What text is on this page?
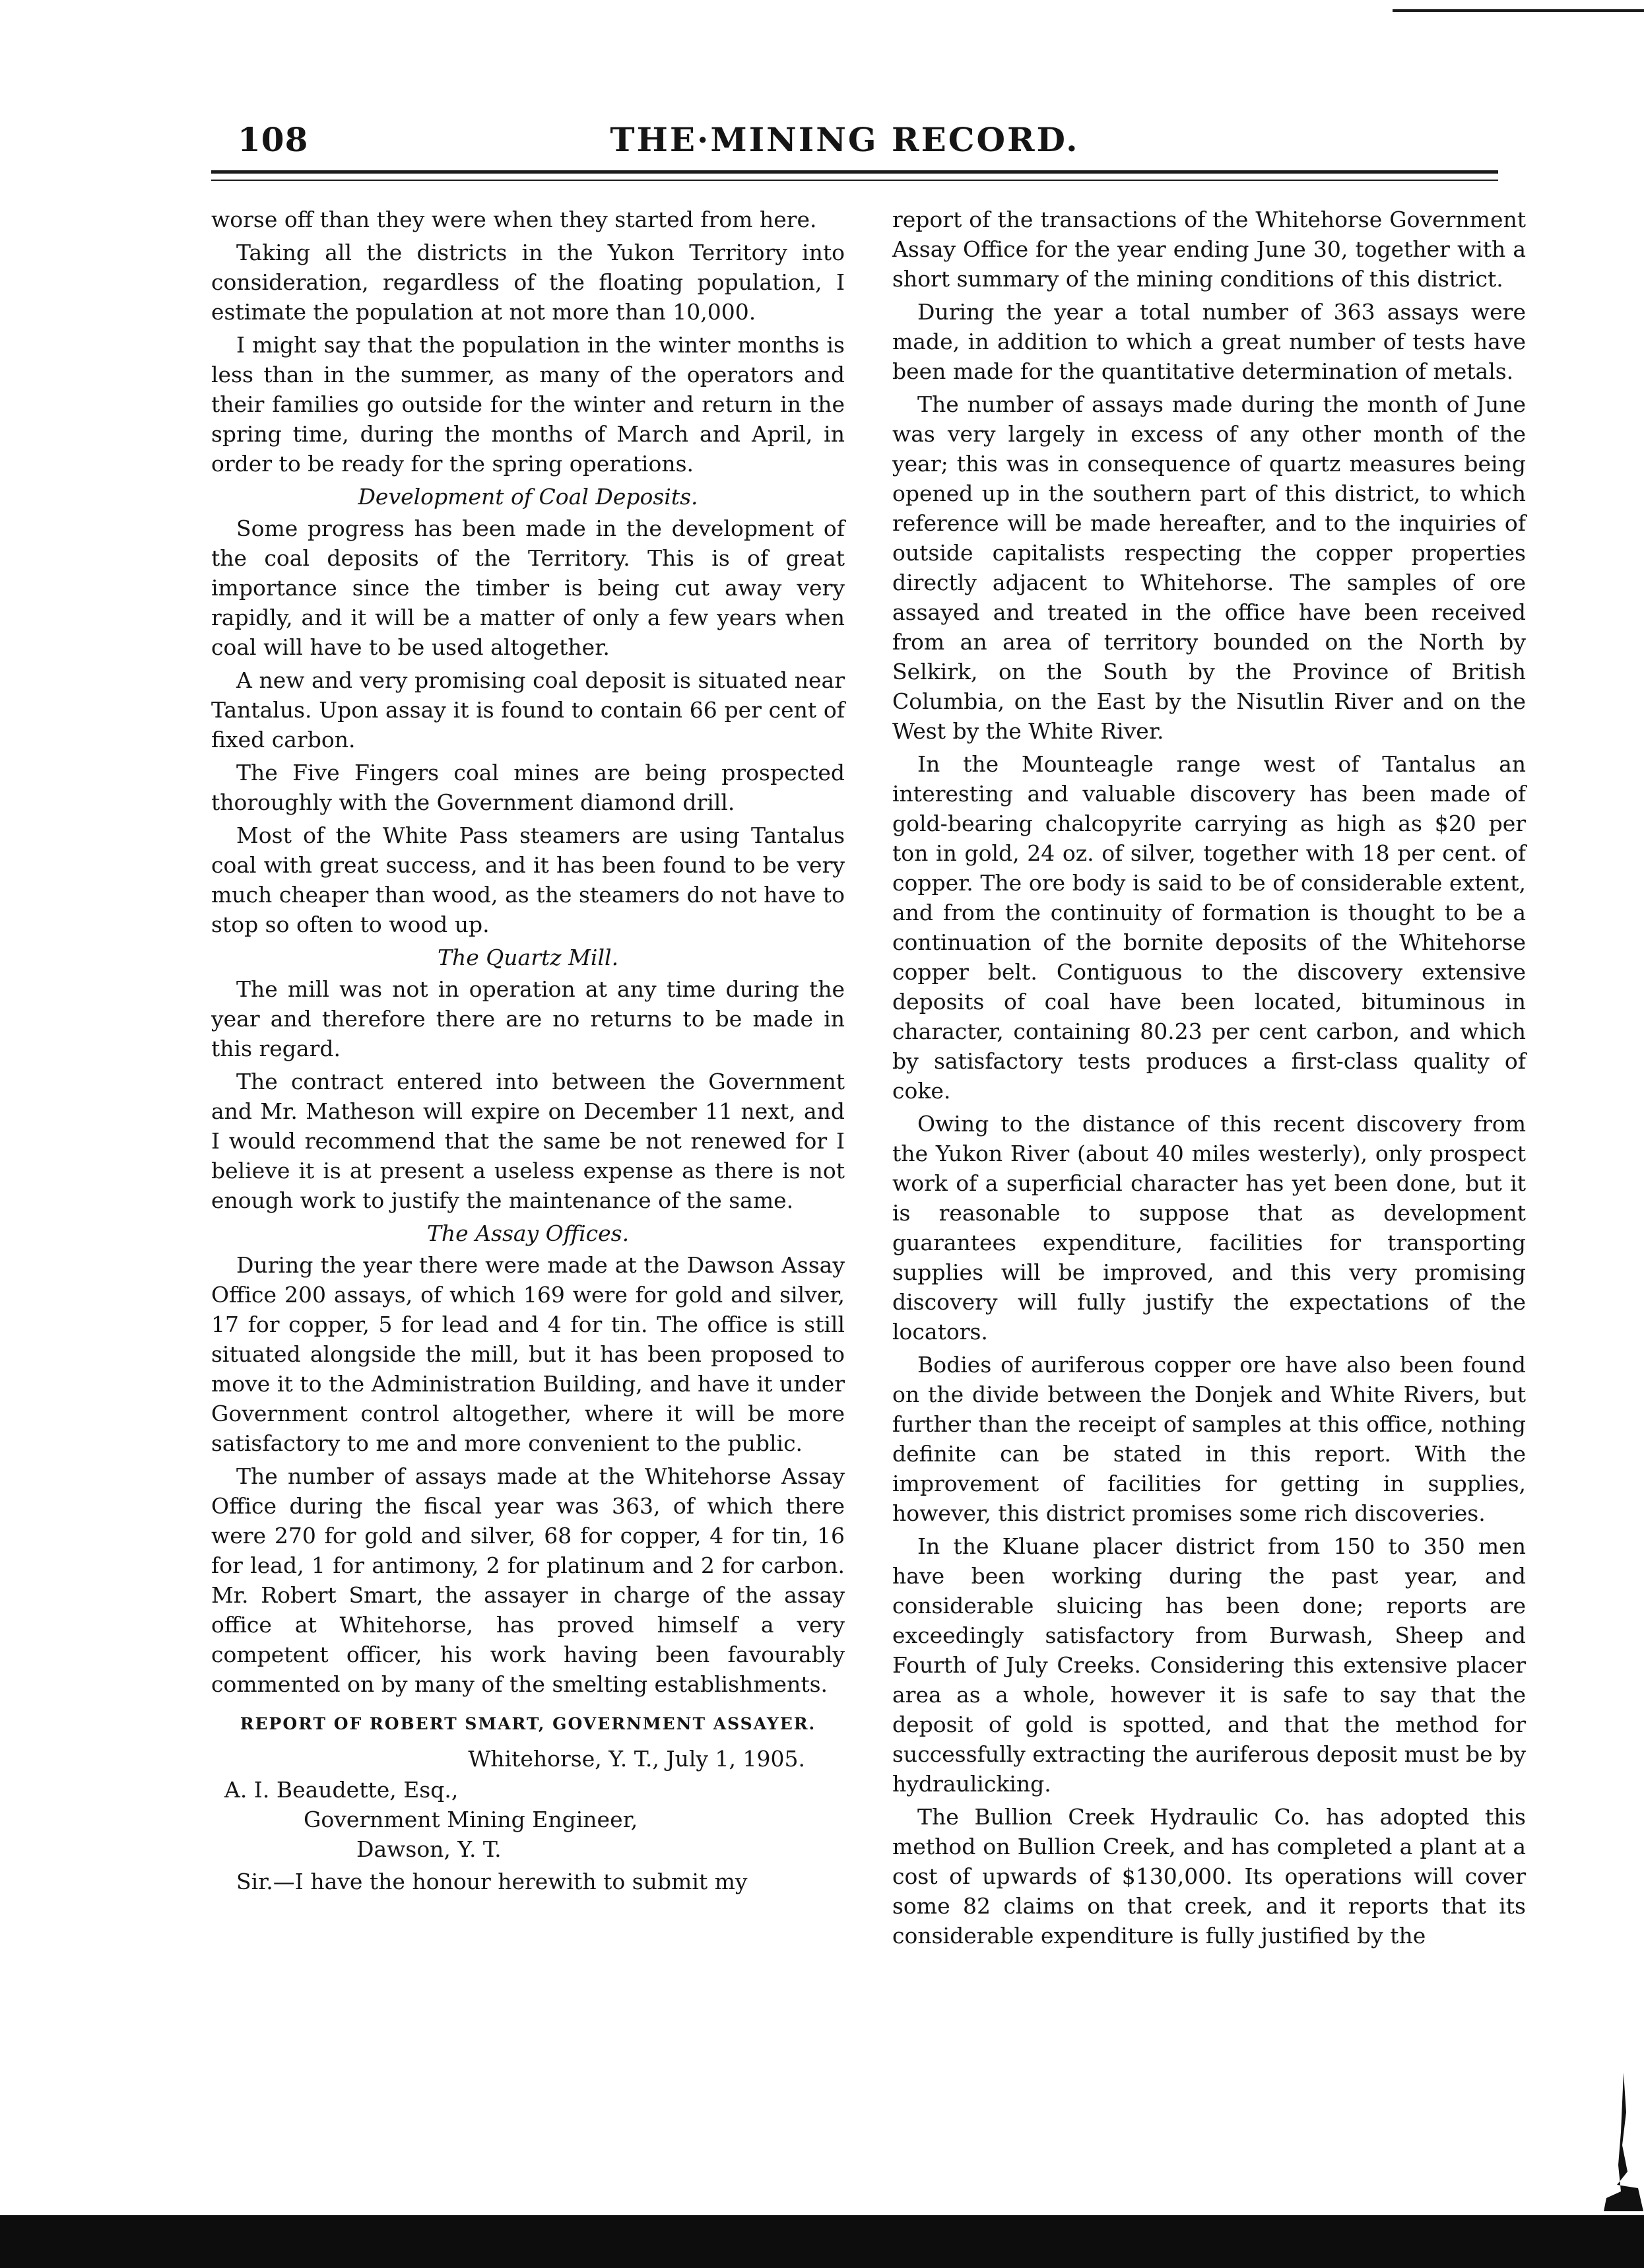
108	THE·MINING RECORD.

worse off than they were when they started from here.

Taking all the districts in the Yukon Territory into consideration, regardless of the floating population, I estimate the population at not more than 10,000.

I might say that the population in the winter months is less than in the summer, as many of the operators and their families go outside for the winter and return in the spring time, during the months of March and April, in order to be ready for the spring operations.

Development of Coal Deposits.

Some progress has been made in the development of the coal deposits of the Territory. This is of great importance since the timber is being cut away very rapidly, and it will be a matter of only a few years when coal will have to be used altogether.

A new and very promising coal deposit is situated near Tantalus. Upon assay it is found to contain 66 per cent of fixed carbon.

The Five Fingers coal mines are being prospected thoroughly with the Government diamond drill.

Most of the White Pass steamers are using Tantalus coal with great success, and it has been found to be very much cheaper than wood, as the steamers do not have to stop so often to wood up.

The Quartz Mill.

The mill was not in operation at any time during the year and therefore there are no returns to be made in this regard.

The contract entered into between the Government and Mr. Matheson will expire on December 11 next, and I would recommend that the same be not renewed for I believe it is at present a useless expense as there is not enough work to justify the maintenance of the same.

The Assay Offices.

During the year there were made at the Dawson Assay Office 200 assays, of which 169 were for gold and silver, 17 for copper, 5 for lead and 4 for tin. The office is still situated alongside the mill, but it has been proposed to move it to the Administration Building, and have it under Government control altogether, where it will be more satisfactory to me and more convenient to the public.

The number of assays made at the Whitehorse Assay Office during the fiscal year was 363, of which there were 270 for gold and silver, 68 for copper, 4 for tin, 16 for lead, 1 for antimony, 2 for platinum and 2 for carbon. Mr. Robert Smart, the assayer in charge of the assay office at Whitehorse, has proved himself a very competent officer, his work having been favourably commented on by many of the smelting establishments.

REPORT OF ROBERT SMART, GOVERNMENT ASSAYER.
Whitehorse, Y. T., July 1, 1905.
A. I. Beaudette, Esq.,
Government Mining Engineer,
Dawson, Y. T.

Sir.—I have the honour herewith to submit my

report of the transactions of the Whitehorse Government Assay Office for the year ending June 30, together with a short summary of the mining conditions of this district.

During the year a total number of 363 assays were made, in addition to which a great number of tests have been made for the quantitative determination of metals.

The number of assays made during the month of June was very largely in excess of any other month of the year; this was in consequence of quartz measures being opened up in the southern part of this district, to which reference will be made hereafter, and to the inquiries of outside capitalists respecting the copper properties directly adjacent to Whitehorse. The samples of ore assayed and treated in the office have been received from an area of territory bounded on the North by Selkirk, on the South by the Province of British Columbia, on the East by the Nisutlin River and on the West by the White River.

In the Mounteagle range west of Tantalus an interesting and valuable discovery has been made of gold-bearing chalcopyrite carrying as high as $20 per ton in gold, 24 oz. of silver, together with 18 per cent. of copper. The ore body is said to be of considerable extent, and from the continuity of formation is thought to be a continuation of the bornite deposits of the Whitehorse copper belt. Contiguous to the discovery extensive deposits of coal have been located, bituminous in character, containing 80.23 per cent carbon, and which by satisfactory tests produces a first-class quality of coke.

Owing to the distance of this recent discovery from the Yukon River (about 40 miles westerly), only prospect work of a superficial character has yet been done, but it is reasonable to suppose that as development guarantees expenditure, facilities for transporting supplies will be improved, and this very promising discovery will fully justify the expectations of the locators.

Bodies of auriferous copper ore have also been found on the divide between the Donjek and White Rivers, but further than the receipt of samples at this office, nothing definite can be stated in this report. With the improvement of facilities for getting in supplies, however, this district promises some rich discoveries.

In the Kluane placer district from 150 to 350 men have been working during the past year, and considerable sluicing has been done; reports are exceedingly satisfactory from Burwash, Sheep and Fourth of July Creeks. Considering this extensive placer area as a whole, however it is safe to say that the deposit of gold is spotted, and that the method for successfully extracting the auriferous deposit must be by hydraulicking.

The Bullion Creek Hydraulic Co. has adopted this method on Bullion Creek, and has completed a plant at a cost of upwards of $130,000. Its operations will cover some 82 claims on that creek, and it reports that its considerable expenditure is fully justified by the
